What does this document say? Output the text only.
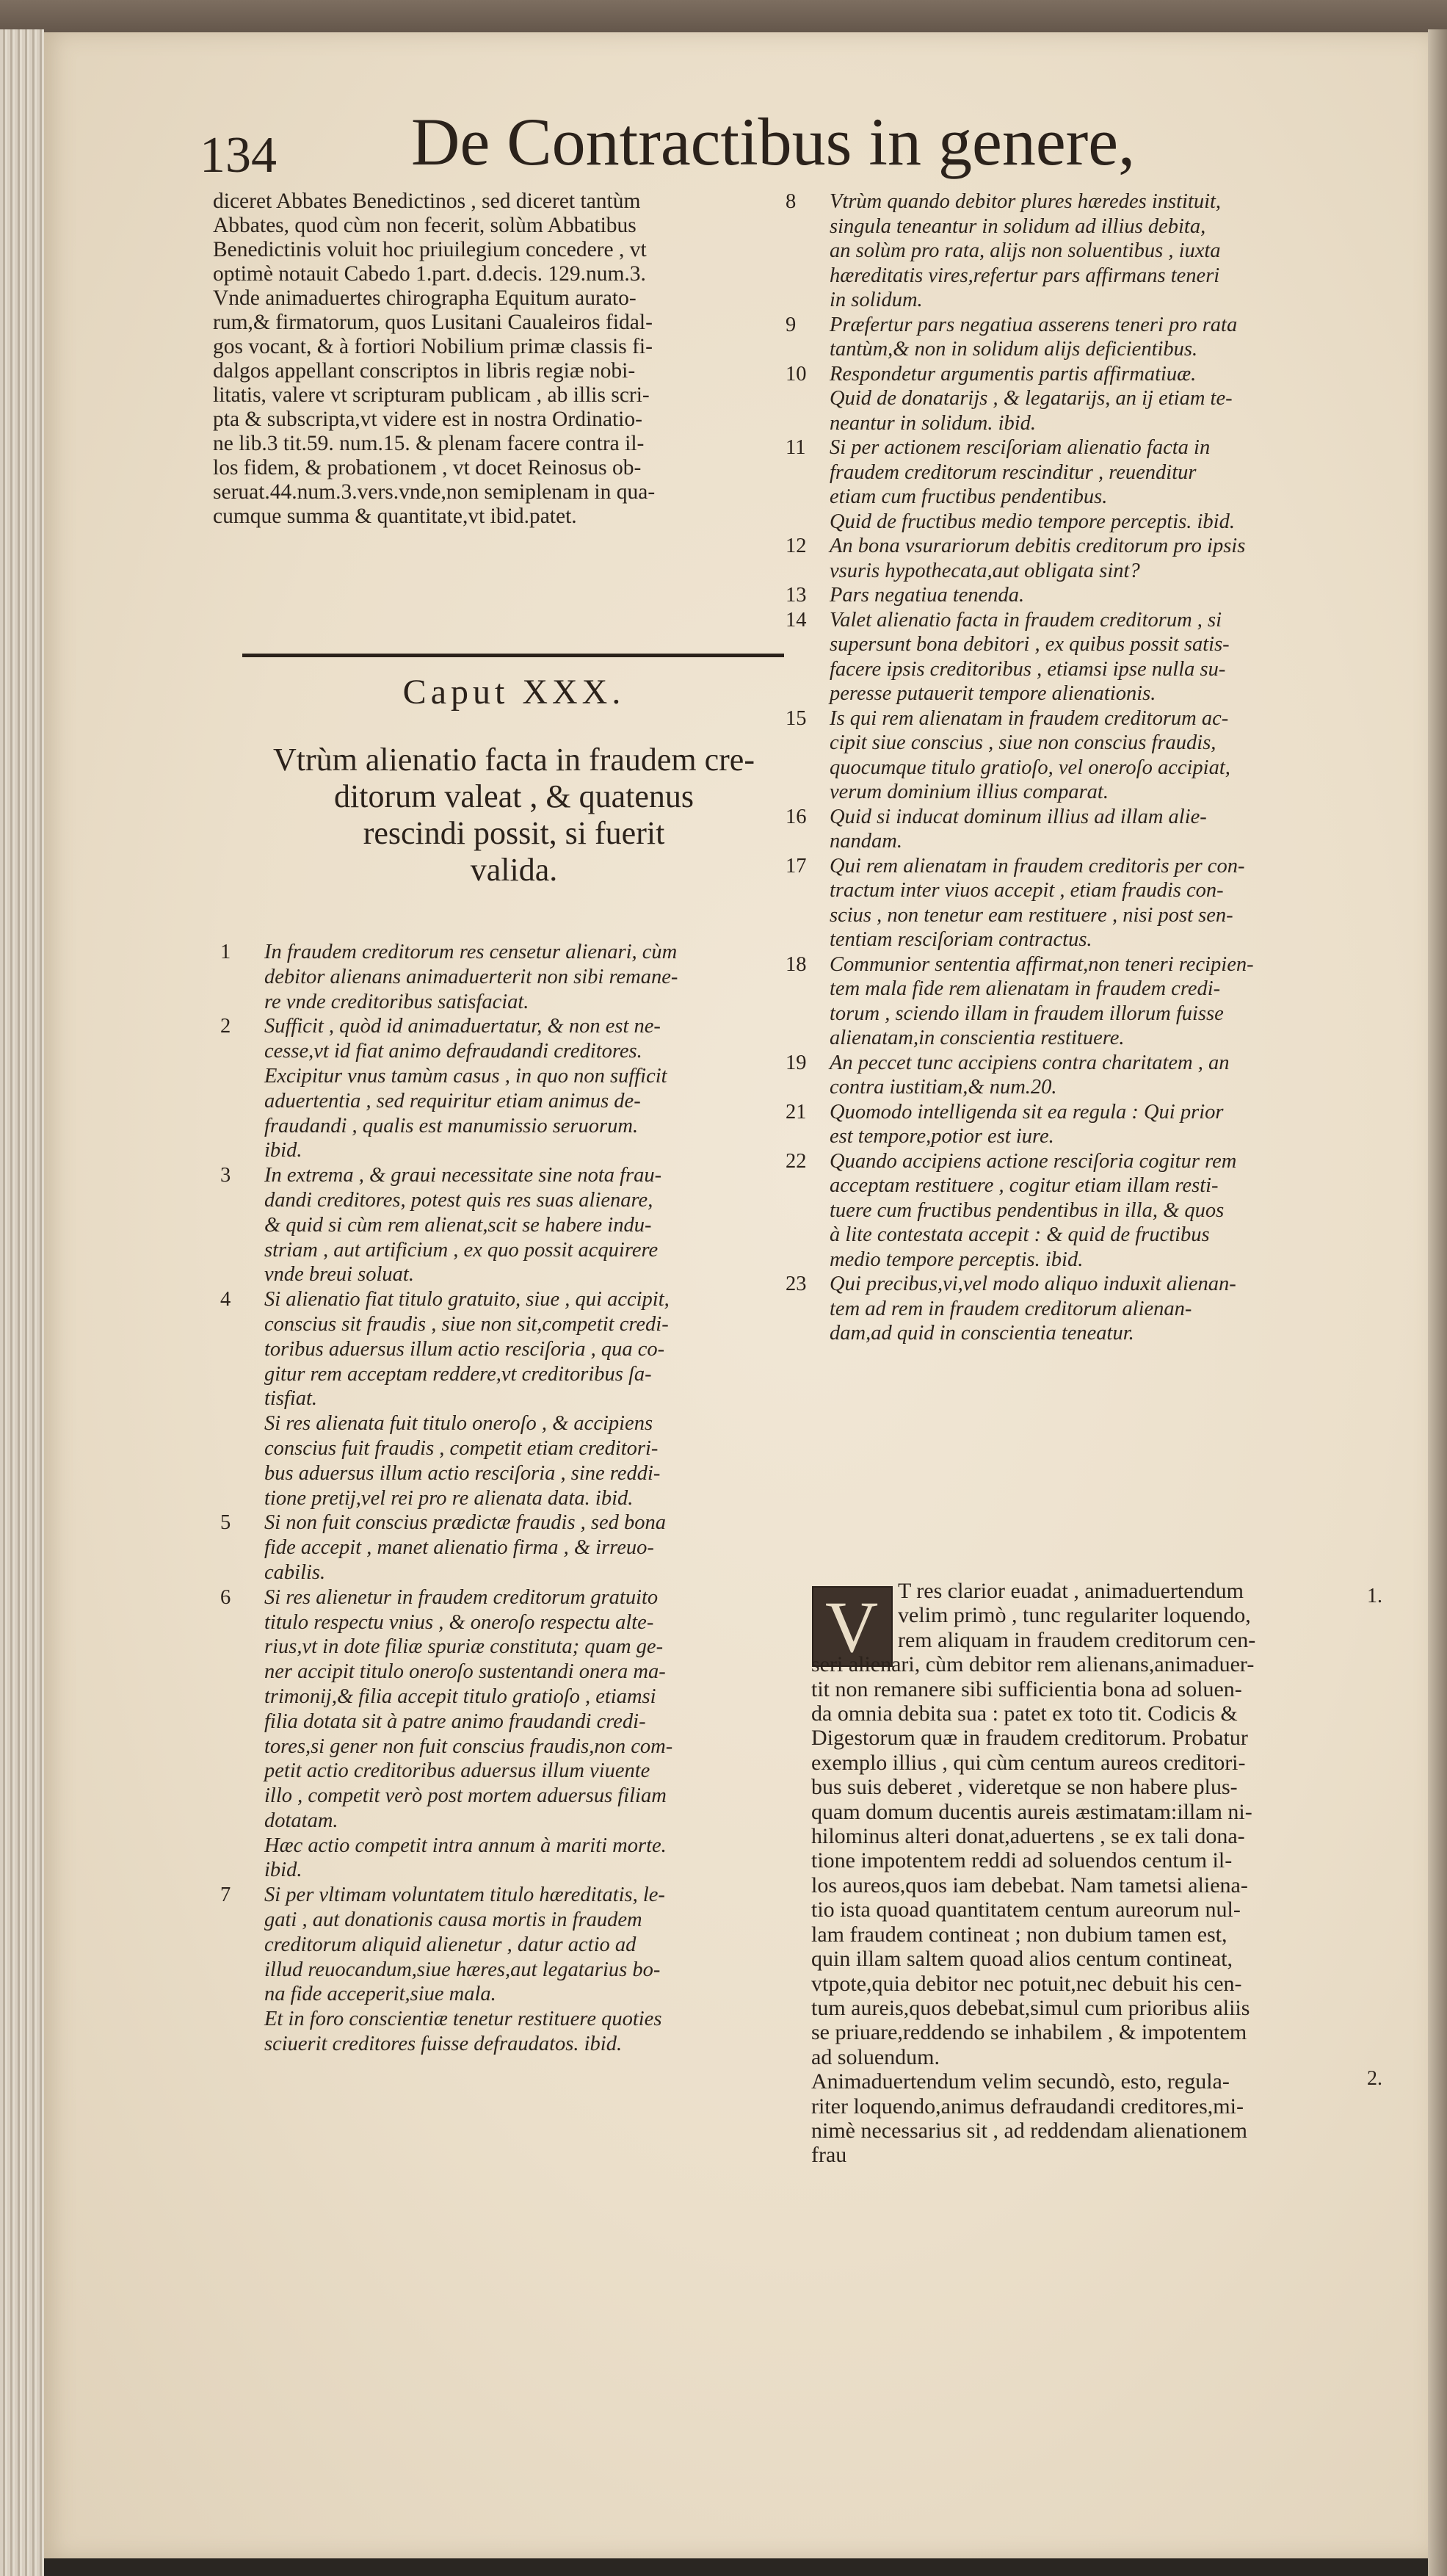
134 De Contractibus in genere,
diceret Abbates Benedictinos , sed diceret tantùm
Abbates, quod cùm non fecerit, solùm Abbatibus
Benedictinis voluit hoc priuilegium concedere , vt
optimè notauit Cabedo 1.part. d.decis. 129.num.3.
Vnde animaduertes chirographa Equitum aurato-
rum,& firmatorum, quos Lusitani Caualeiros fidal-
gos vocant, & à fortiori Nobilium primæ classis fi-
dalgos appellant conscriptos in libris regiæ nobi-
litatis, valere vt scripturam publicam , ab illis scri-
pta & subscripta,vt videre est in nostra Ordinatio-
ne lib.3 tit.59. num.15. & plenam facere contra il-
los fidem, & probationem , vt docet Reinosus ob-
seruat.44.num.3.vers.vnde,non semiplenam in qua-
cumque summa & quantitate,vt ibid.patet.
Caput XXX.
Vtrùm alienatio facta in fraudem cre-
ditorum valeat , & quatenus
rescindi possit, si fuerit
valida.
1 In fraudem creditorum res censetur alienari, cùm
debitor alienans animaduerterit non sibi remane-
re vnde creditoribus satisfaciat.
2 Sufficit , quòd id animaduertatur, & non est ne-
cesse,vt id fiat animo defraudandi creditores.
Excipitur vnus tamùm casus , in quo non sufficit
aduertentia , sed requiritur etiam animus de-
fraudandi , qualis est manumissio seruorum.
ibid.
3 In extrema , & graui necessitate sine nota frau-
dandi creditores, potest quis res suas alienare,
& quid si cùm rem alienat,scit se habere indu-
striam , aut artificium , ex quo possit acquirere
vnde breui soluat.
4 Si alienatio fiat titulo gratuito, siue , qui accipit,
conscius sit fraudis , siue non sit,competit credi-
toribus aduersus illum actio resciſoria , qua co-
gitur rem acceptam reddere,vt creditoribus ſa-
tisfiat.
Si res alienata fuit titulo oneroſo , & accipiens
conscius fuit fraudis , competit etiam creditori-
bus aduersus illum actio resciſoria , sine reddi-
tione pretij,vel rei pro re alienata data. ibid.
5 Si non fuit conscius prædictæ fraudis , sed bona
fide accepit , manet alienatio firma , & irreuo-
cabilis.
6 Si res alienetur in fraudem creditorum gratuito
titulo respectu vnius , & oneroſo respectu alte-
rius,vt in dote filiæ spuriæ constituta; quam ge-
ner accipit titulo oneroſo sustentandi onera ma-
trimonij,& filia accepit titulo gratioſo , etiamsi
filia dotata sit à patre animo fraudandi credi-
tores,si gener non fuit conscius fraudis,non com-
petit actio creditoribus aduersus illum viuente
illo , competit verò post mortem aduersus filiam
dotatam.
Hæc actio competit intra annum à mariti morte.
ibid.
7 Si per vltimam voluntatem titulo hæreditatis, le-
gati , aut donationis causa mortis in fraudem
creditorum aliquid alienetur , datur actio ad
illud reuocandum,siue hæres,aut legatarius bo-
na fide acceperit,siue mala.
Et in foro conscientiæ tenetur restituere quoties
sciuerit creditores fuisse defraudatos. ibid.
8 Vtrùm quando debitor plures hæredes instituit,
singula teneantur in solidum ad illius debita,
an solùm pro rata, alijs non soluentibus , iuxta
hæreditatis vires,refertur pars affirmans teneri
in solidum.
9 Præfertur pars negatiua asserens teneri pro rata
tantùm,& non in solidum alijs deficientibus.
10 Respondetur argumentis partis affirmatiuæ.
Quid de donatarijs , & legatarijs, an ij etiam te-
neantur in solidum. ibid.
11 Si per actionem resciſoriam alienatio facta in
fraudem creditorum rescinditur , reuenditur
etiam cum fructibus pendentibus.
Quid de fructibus medio tempore perceptis. ibid.
12 An bona vsurariorum debitis creditorum pro ipsis
vsuris hypothecata,aut obligata sint?
13 Pars negatiua tenenda.
14 Valet alienatio facta in fraudem creditorum , si
supersunt bona debitori , ex quibus possit satis-
facere ipsis creditoribus , etiamsi ipse nulla su-
peresse putauerit tempore alienationis.
15 Is qui rem alienatam in fraudem creditorum ac-
cipit siue conscius , siue non conscius fraudis,
quocumque titulo gratioſo, vel oneroſo accipiat,
verum dominium illius comparat.
16 Quid si inducat dominum illius ad illam alie-
nandam.
17 Qui rem alienatam in fraudem creditoris per con-
tractum inter viuos accepit , etiam fraudis con-
scius , non tenetur eam restituere , nisi post sen-
tentiam resciſoriam contractus.
18 Communior sententia affirmat,non teneri recipien-
tem mala fide rem alienatam in fraudem credi-
torum , sciendo illam in fraudem illorum fuisse
alienatam,in conscientia restituere.
19 An peccet tunc accipiens contra charitatem , an
contra iustitiam,& num.20.
21 Quomodo intelligenda sit ea regula : Qui prior
est tempore,potior est iure.
22 Quando accipiens actione resciſoria cogitur rem
acceptam restituere , cogitur etiam illam resti-
tuere cum fructibus pendentibus in illa, & quos
à lite contestata accepit : & quid de fructibus
medio tempore perceptis. ibid.
23 Qui precibus,vi,vel modo aliquo induxit alienan-
tem ad rem in fraudem creditorum alienan-
dam,ad quid in conscientia teneatur.
V T res clarior euadat , animaduertendum
velim primò , tunc regulariter loquendo,
rem aliquam in fraudem creditorum cen-
seri alienari, cùm debitor rem alienans,animaduer-
tit non remanere sibi sufficientia bona ad soluen-
da omnia debita sua : patet ex toto tit. Codicis &
Digestorum quæ in fraudem creditorum. Probatur
exemplo illius , qui cùm centum aureos creditori-
bus suis deberet , videretque se non habere plus-
quam domum ducentis aureis æstimatam:illam ni-
hilominus alteri donat,aduertens , se ex tali dona-
tione impotentem reddi ad soluendos centum il-
los aureos,quos iam debebat. Nam tametsi aliena-
tio ista quoad quantitatem centum aureorum nul-
lam fraudem contineat ; non dubium tamen est,
quin illam saltem quoad alios centum contineat,
vtpote,quia debitor nec potuit,nec debuit his cen-
tum aureis,quos debebat,simul cum prioribus aliis
se priuare,reddendo se inhabilem , & impotentem
ad soluendum.
Animaduertendum velim secundò, esto, regula-
riter loquendo,animus defraudandi creditores,mi-
nimè necessarius sit , ad reddendam alienationem
frau
1.
2.
